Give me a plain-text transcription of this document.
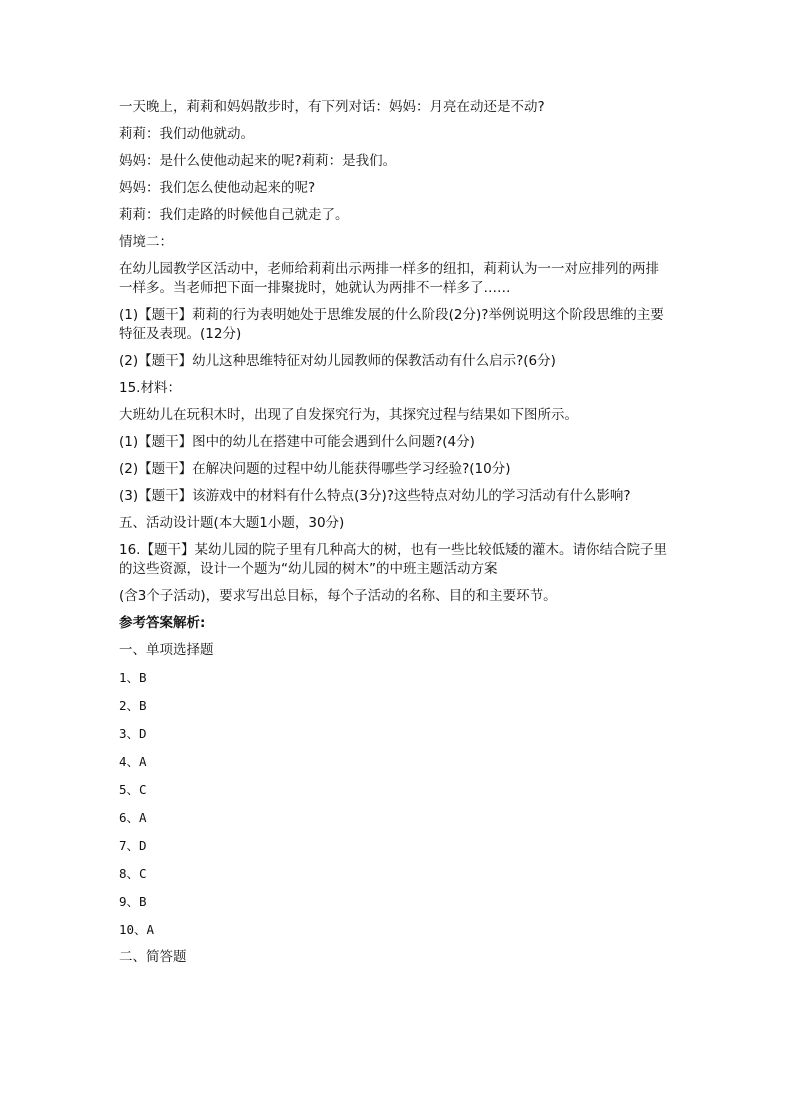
一天晚上，莉莉和妈妈散步时，有下列对话：妈妈：月亮在动还是不动?

莉莉：我们动他就动。

妈妈：是什么使他动起来的呢?莉莉：是我们。

妈妈：我们怎么使他动起来的呢?

莉莉：我们走路的时候他自己就走了。

情境二：

在幼儿园教学区活动中，老师给莉莉出示两排一样多的纽扣，莉莉认为一一对应排列的两排一样多。当老师把下面一排聚拢时，她就认为两排不一样多了……

(1)【题干】莉莉的行为表明她处于思维发展的什么阶段(2分)?举例说明这个阶段思维的主要特征及表现。(12分)

(2)【题干】幼儿这种思维特征对幼儿园教师的保教活动有什么启示?(6分)

15.材料：

大班幼儿在玩积木时，出现了自发探究行为，其探究过程与结果如下图所示。

(1)【题干】图中的幼儿在搭建中可能会遇到什么问题?(4分)

(2)【题干】在解决问题的过程中幼儿能获得哪些学习经验?(10分)

(3)【题干】该游戏中的材料有什么特点(3分)?这些特点对幼儿的学习活动有什么影响?

五、活动设计题(本大题1小题，30分)

16.【题干】某幼儿园的院子里有几种高大的树，也有一些比较低矮的灌木。请你结合院子里的这些资源，设计一个题为“幼儿园的树木”的中班主题活动方案

(含3个子活动)，要求写出总目标，每个子活动的名称、目的和主要环节。

参考答案解析:

一、单项选择题

1、B

2、B

3、D

4、A

5、C

6、A

7、D

8、C

9、B

10、A

二、简答题
